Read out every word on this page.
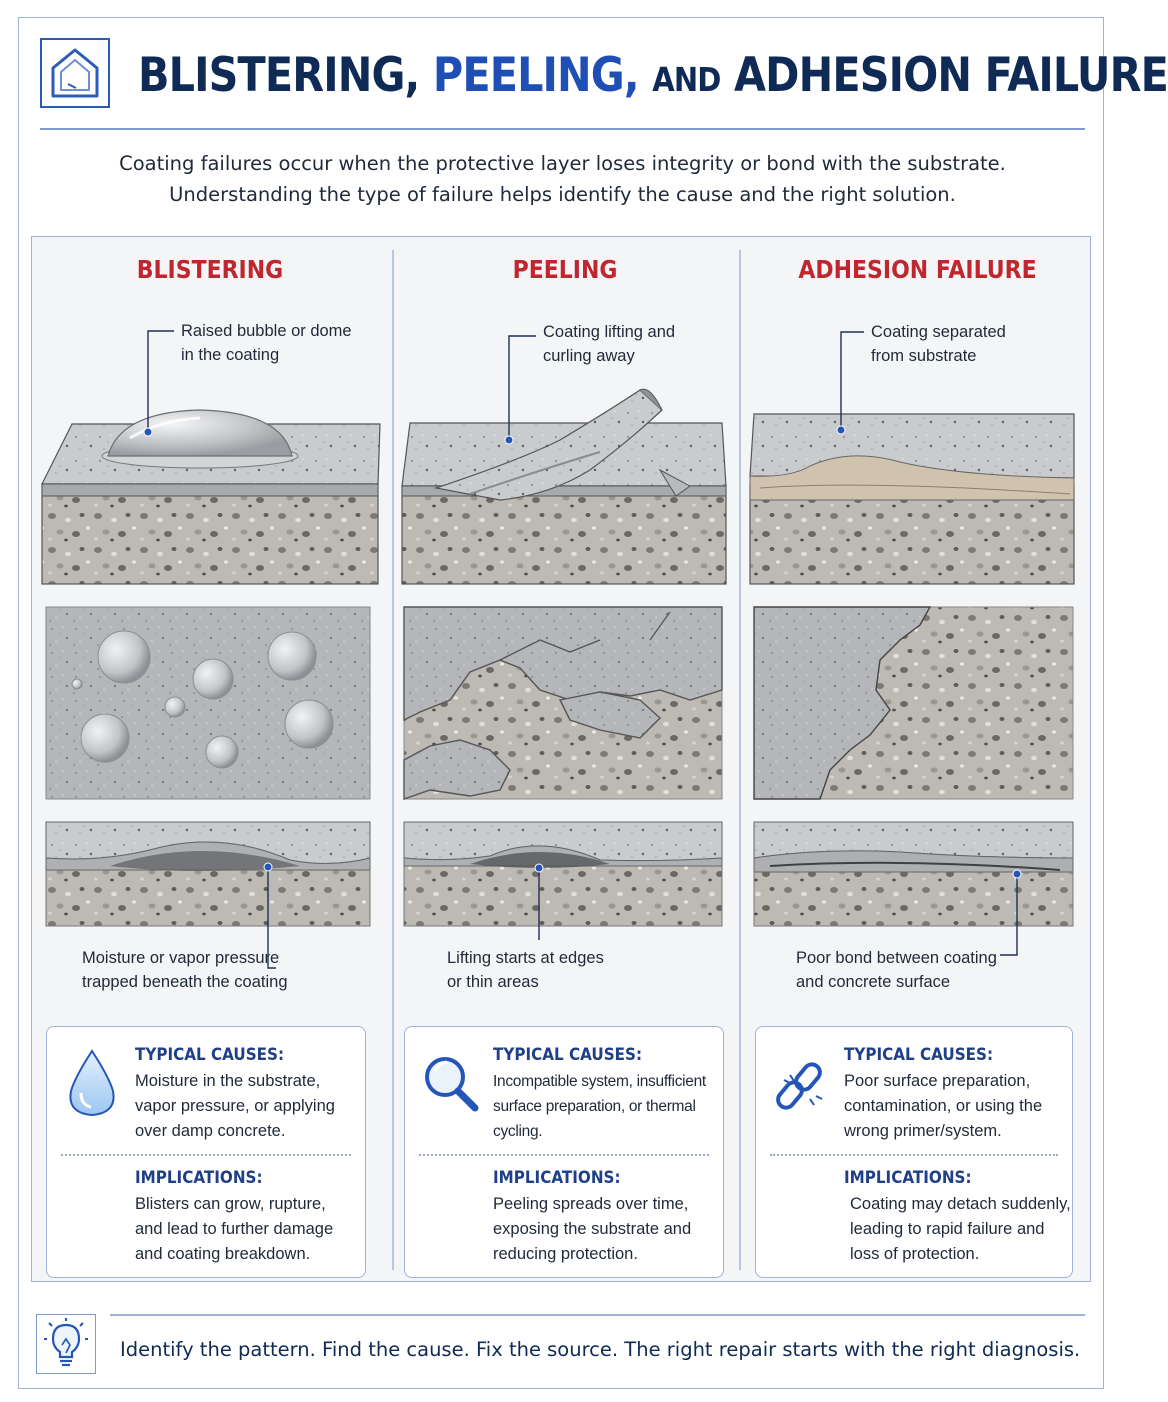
BLISTERING, PEELING, AND ADHESION FAILURE
Coating failures occur when the protective layer loses integrity or bond with the substrate.
Understanding the type of failure helps identify the cause and the right solution.
BLISTERING	PEELING	ADHESION FAILURE
Raised bubble or dome
in the coating
Coating lifting and
curling away
Coating separated
from substrate
Moisture or vapor pressure
trapped beneath the coating
Lifting starts at edges
or thin areas
Poor bond between coating
and concrete surface
TYPICAL CAUSES:
Moisture in the substrate,
vapor pressure, or applying
over damp concrete.
IMPLICATIONS:
Blisters can grow, rupture,
and lead to further damage
and coating breakdown.
TYPICAL CAUSES:
Incompatible system, insufficient
surface preparation, or thermal
cycling.
IMPLICATIONS:
Peeling spreads over time,
exposing the substrate and
reducing protection.
TYPICAL CAUSES:
Poor surface preparation,
contamination, or using the
wrong primer/system.
IMPLICATIONS:
Coating may detach suddenly,
leading to rapid failure and
loss of protection.
Identify the pattern. Find the cause. Fix the source. The right repair starts with the right diagnosis.
